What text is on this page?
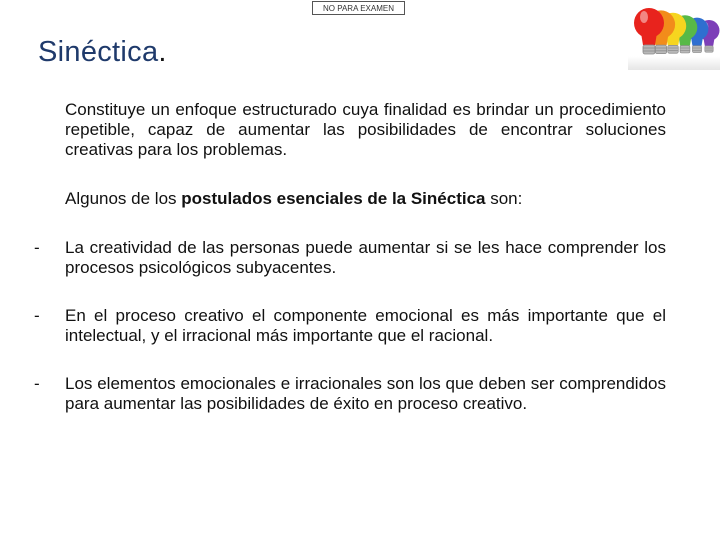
NO PARA EXAMEN
Sinéctica.

Constituye un enfoque estructurado cuya finalidad es brindar un procedimiento repetible, capaz de aumentar las posibilidades de encontrar soluciones creativas para los problemas.

Algunos de los postulados esenciales de la Sinéctica son:

- La creatividad de las personas puede aumentar si se les hace comprender los procesos psicológicos subyacentes.

- En el proceso creativo el componente emocional es más importante que el intelectual, y el irracional más importante que el racional.

- Los elementos emocionales e irracionales son los que deben ser comprendidos para aumentar las posibilidades de éxito en proceso creativo.
